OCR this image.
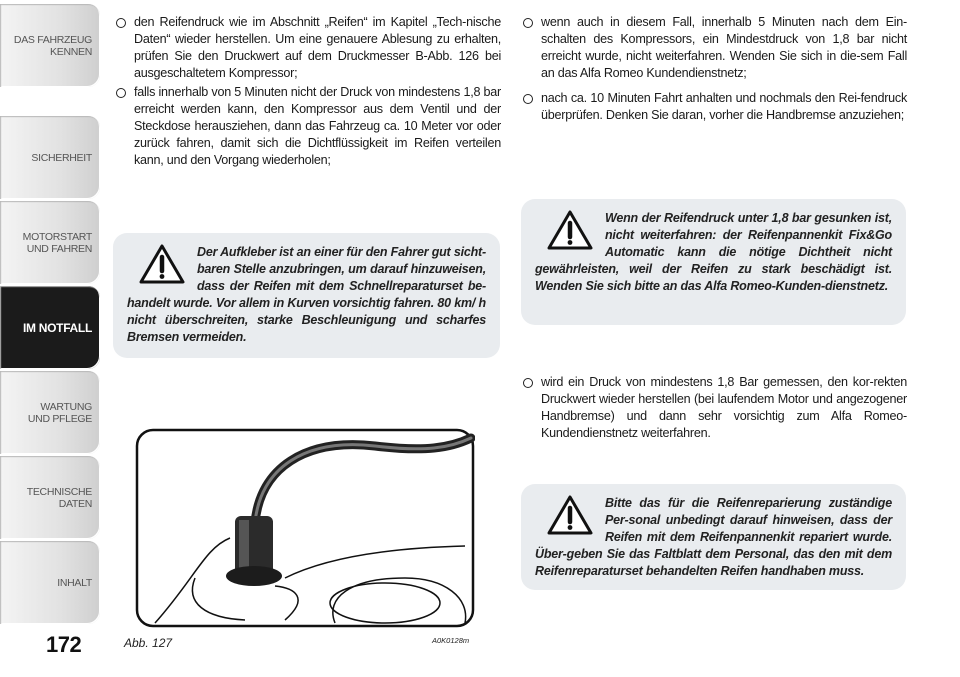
DAS FAHRZEUG
KENNEN
SICHERHEIT
MOTORSTART
UND FAHREN
IM NOTFALL
WARTUNG
UND PFLEGE
TECHNISCHE
DATEN
INHALT
172

den Reifendruck wie im Abschnitt „Reifen“ im Kapitel „Tech-nische Daten“ wieder herstellen. Um eine genauere Ablesung zu erhalten, prüfen Sie den Druckwert auf dem Druckmesser B-Abb. 126 bei ausgeschaltetem Kompressor;

falls innerhalb von 5 Minuten nicht der Druck von mindestens 1,8 bar erreicht werden kann, den Kompressor aus dem Ventil und der Steckdose herausziehen, dann das Fahrzeug ca. 10 Meter vor oder zurück fahren, damit sich die Dichtflüssigkeit im Reifen verteilen kann, und den Vorgang wiederholen;

Der Aufkleber ist an einer für den Fahrer gut sicht-baren Stelle anzubringen, um darauf hinzuweisen, dass der Reifen mit dem Schnellreparaturset be-handelt wurde. Vor allem in Kurven vorsichtig fahren. 80 km/ h nicht überschreiten, starke Beschleunigung und scharfes Bremsen vermeiden.
Abb. 127	A0K0128m

wenn auch in diesem Fall, innerhalb 5 Minuten nach dem Ein-schalten des Kompressors, ein Mindestdruck von 1,8 bar nicht erreicht wurde, nicht weiterfahren. Wenden Sie sich in die-sem Fall an das Alfa Romeo Kundendienstnetz;

nach ca. 10 Minuten Fahrt anhalten und nochmals den Rei-fendruck überprüfen. Denken Sie daran, vorher die Handbremse anzuziehen;

Wenn der Reifendruck unter 1,8 bar gesunken ist, nicht weiterfahren: der Reifenpannenkit Fix&Go Automatic kann die nötige Dichtheit nicht gewährleisten, weil der Reifen zu stark beschädigt ist. Wenden Sie sich bitte an das Alfa Romeo-Kunden-dienstnetz.

wird ein Druck von mindestens 1,8 Bar gemessen, den kor-rekten Druckwert wieder herstellen (bei laufendem Motor und angezogener Handbremse) und dann sehr vorsichtig zum Alfa Romeo-Kundendienstnetz weiterfahren.

Bitte das für die Reifenreparierung zuständige Per-sonal unbedingt darauf hinweisen, dass der Reifen mit dem Reifenpannenkit repariert wurde. Über-geben Sie das Faltblatt dem Personal, das den mit dem Reifenreparaturset behandelten Reifen handhaben muss.
